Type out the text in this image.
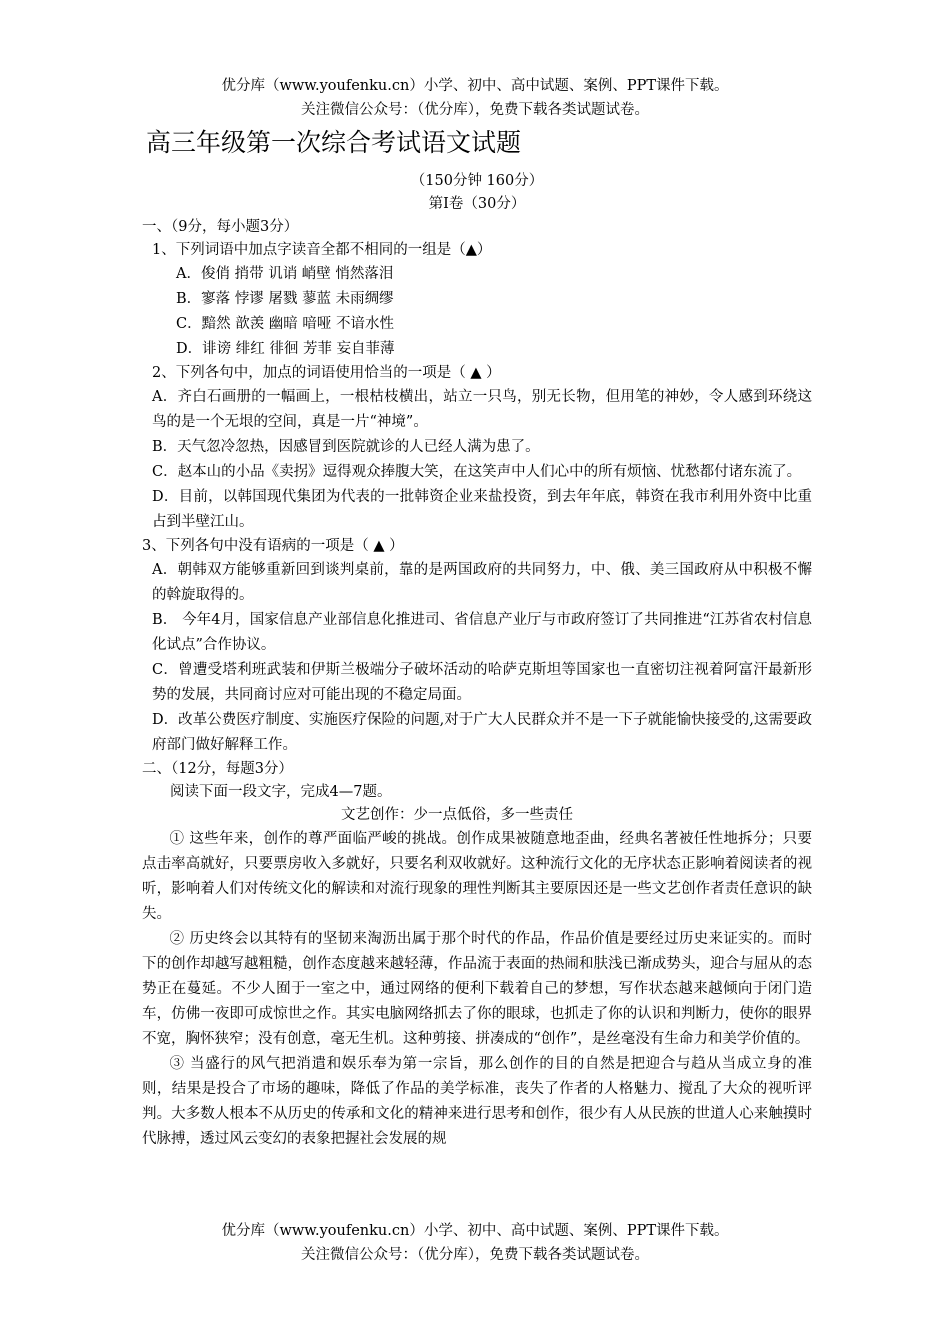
优分库（www.youfenku.cn）小学、初中、高中试题、案例、PPT课件下载。
关注微信公众号：（优分库），免费下载各类试题试卷。
高三年级第一次综合考试语文试题
（150分钟 160分）
第Ⅰ卷（30分）
一、（9分，每小题3分）
1、下列词语中加点字读音全都不相同的一组是（▲）
A．俊俏 捎带 讥诮 峭壁 悄然落泪
B．寥落 悖谬 屠戮 蓼蓝 未雨绸缪
C．黯然 歆羡 幽暗 喑哑 不谙水性
D．诽谤 绯红 徘徊 芳菲 妄自菲薄
2、下列各句中，加点的词语使用恰当的一项是（ ▲ ）

A．齐白石画册的一幅画上，一根枯枝横出，站立一只鸟，别无长物，但用笔的神妙，令人感到环绕这鸟的是一个无垠的空间，真是一片“神境”。

B．天气忽冷忽热，因感冒到医院就诊的人已经人满为患了。

C．赵本山的小品《卖拐》逗得观众捧腹大笑，在这笑声中人们心中的所有烦恼、忧愁都付诸东流了。

D．目前，以韩国现代集团为代表的一批韩资企业来盐投资，到去年年底，韩资在我市利用外资中比重占到半壁江山。

3、下列各句中没有语病的一项是（ ▲ ）

A．朝韩双方能够重新回到谈判桌前，靠的是两国政府的共同努力，中、俄、美三国政府从中积极不懈的斡旋取得的。

B． 今年4月，国家信息产业部信息化推进司、省信息产业厅与市政府签订了共同推进“江苏省农村信息化试点”合作协议。

C．曾遭受塔利班武装和伊斯兰极端分子破坏活动的哈萨克斯坦等国家也一直密切注视着阿富汗最新形势的发展，共同商讨应对可能出现的不稳定局面。

D．改革公费医疗制度、实施医疗保险的问题,对于广大人民群众并不是一下子就能愉快接受的,这需要政府部门做好解释工作。

二、（12分，每题3分）
阅读下面一段文字，完成4—7题。
文艺创作：少一点低俗，多一些责任

① 这些年来，创作的尊严面临严峻的挑战。创作成果被随意地歪曲，经典名著被任性地拆分；只要点击率高就好，只要票房收入多就好，只要名利双收就好。这种流行文化的无序状态正影响着阅读者的视听，影响着人们对传统文化的解读和对流行现象的理性判断其主要原因还是一些文艺创作者责任意识的缺失。

② 历史终会以其特有的坚韧来淘沥出属于那个时代的作品，作品价值是要经过历史来证实的。而时下的创作却越写越粗糙，创作态度越来越轻薄，作品流于表面的热闹和肤浅已渐成势头，迎合与屈从的态势正在蔓延。不少人囿于一室之中，通过网络的便利下载着自己的梦想，写作状态越来越倾向于闭门造车，仿佛一夜即可成惊世之作。其实电脑网络抓去了你的眼球，也抓走了你的认识和判断力，使你的眼界不宽，胸怀狭窄；没有创意，毫无生机。这种剪接、拼凑成的“创作”，是丝毫没有生命力和美学价值的。

③ 当盛行的风气把消遣和娱乐奉为第一宗旨，那么创作的目的自然是把迎合与趋从当成立身的准则，结果是投合了市场的趣味，降低了作品的美学标准，丧失了作者的人格魅力、搅乱了大众的视听评判。大多数人根本不从历史的传承和文化的精神来进行思考和创作，很少有人从民族的世道人心来触摸时代脉搏，透过风云变幻的表象把握社会发展的规

优分库（www.youfenku.cn）小学、初中、高中试题、案例、PPT课件下载。
关注微信公众号：（优分库），免费下载各类试题试卷。
